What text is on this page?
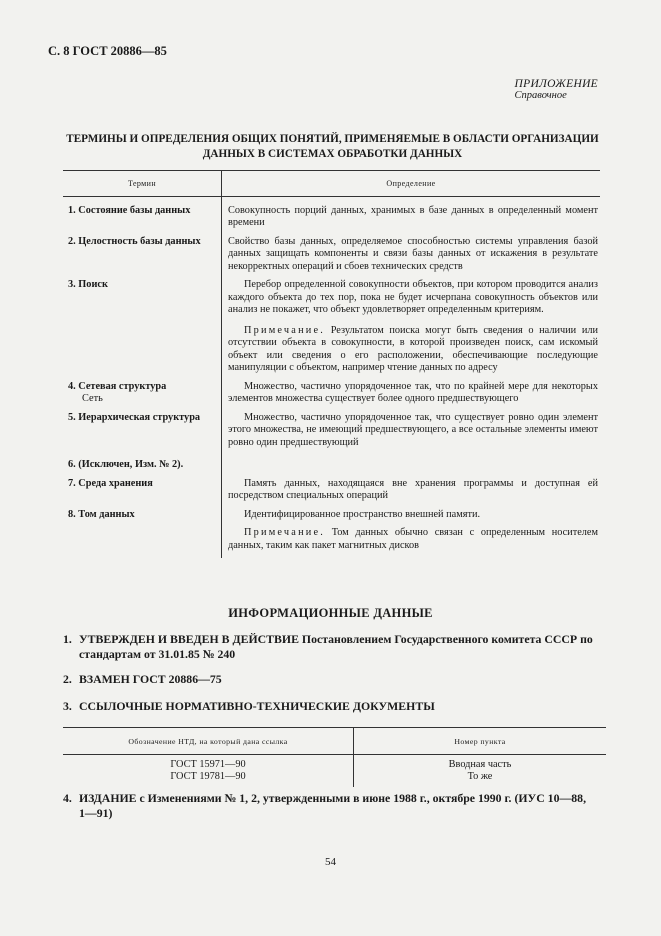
С. 8 ГОСТ 20886—85
ПРИЛОЖЕНИЕ
Справочное
ТЕРМИНЫ И ОПРЕДЕЛЕНИЯ ОБЩИХ ПОНЯТИЙ, ПРИМЕНЯЕМЫЕ В ОБЛАСТИ ОРГАНИЗАЦИИ
ДАННЫХ В СИСТЕМАХ ОБРАБОТКИ ДАННЫХ
Термин	Определение
1. Состояние базы данных	Совокупность порций данных, хранимых в базе данных в определенный момент времени

2. Целостность базы данных	Свойство базы данных, определяемое способностью системы управления базой данных защищать компоненты и связи базы данных от искажения в результате некорректных операций и сбоев технических средств

3. Поиск	Перебор определенной совокупности объектов, при котором проводится анализ каждого объекта до тех пор, пока не будет исчерпана совокупность объектов или анализ не покажет, что объект удовлетворяет определенным критериям.
Примечание. Результатом поиска могут быть сведения о наличии или отсутствии объекта в совокупности, в которой произведен поиск, сам искомый объект или сведения о его расположении, обеспечивающие последующие манипуляции с объектом, например чтение данных по адресу

4. Сетевая структура
Сеть	Множество, частично упорядоченное так, что по крайней мере для некоторых элементов множества существует более одного предшествующего

5. Иерархическая структура	Множество, частично упорядоченное так, что существует ровно один элемент этого множества, не имеющий предшествующего, а все остальные элементы имеют ровно один предшествующий

6. (Исключен, Изм. № 2).	
7. Среда хранения	Память данных, находящаяся вне хранения программы и доступная ей посредством специальных операций

8. Том данных	Идентифицированное пространство внешней памяти.
Примечание. Том данных обычно связан с определенным носителем данных, таким как пакет магнитных дисков
ИНФОРМАЦИОННЫЕ ДАННЫЕ
1. УТВЕРЖДЕН И ВВЕДЕН В ДЕЙСТВИЕ Постановлением Государственного комитета СССР по
стандартам от 31.01.85 № 240
2. ВЗАМЕН ГОСТ 20886—75
3. ССЫЛОЧНЫЕ НОРМАТИВНО-ТЕХНИЧЕСКИЕ ДОКУМЕНТЫ
Обозначение НТД, на который дана ссылка	Номер пункта
ГОСТ 15971—90	Вводная часть
ГОСТ 19781—90	То же
4. ИЗДАНИЕ с Изменениями № 1, 2, утвержденными в июне 1988 г., октябре 1990 г. (ИУС 10—88,
1—91)
54
